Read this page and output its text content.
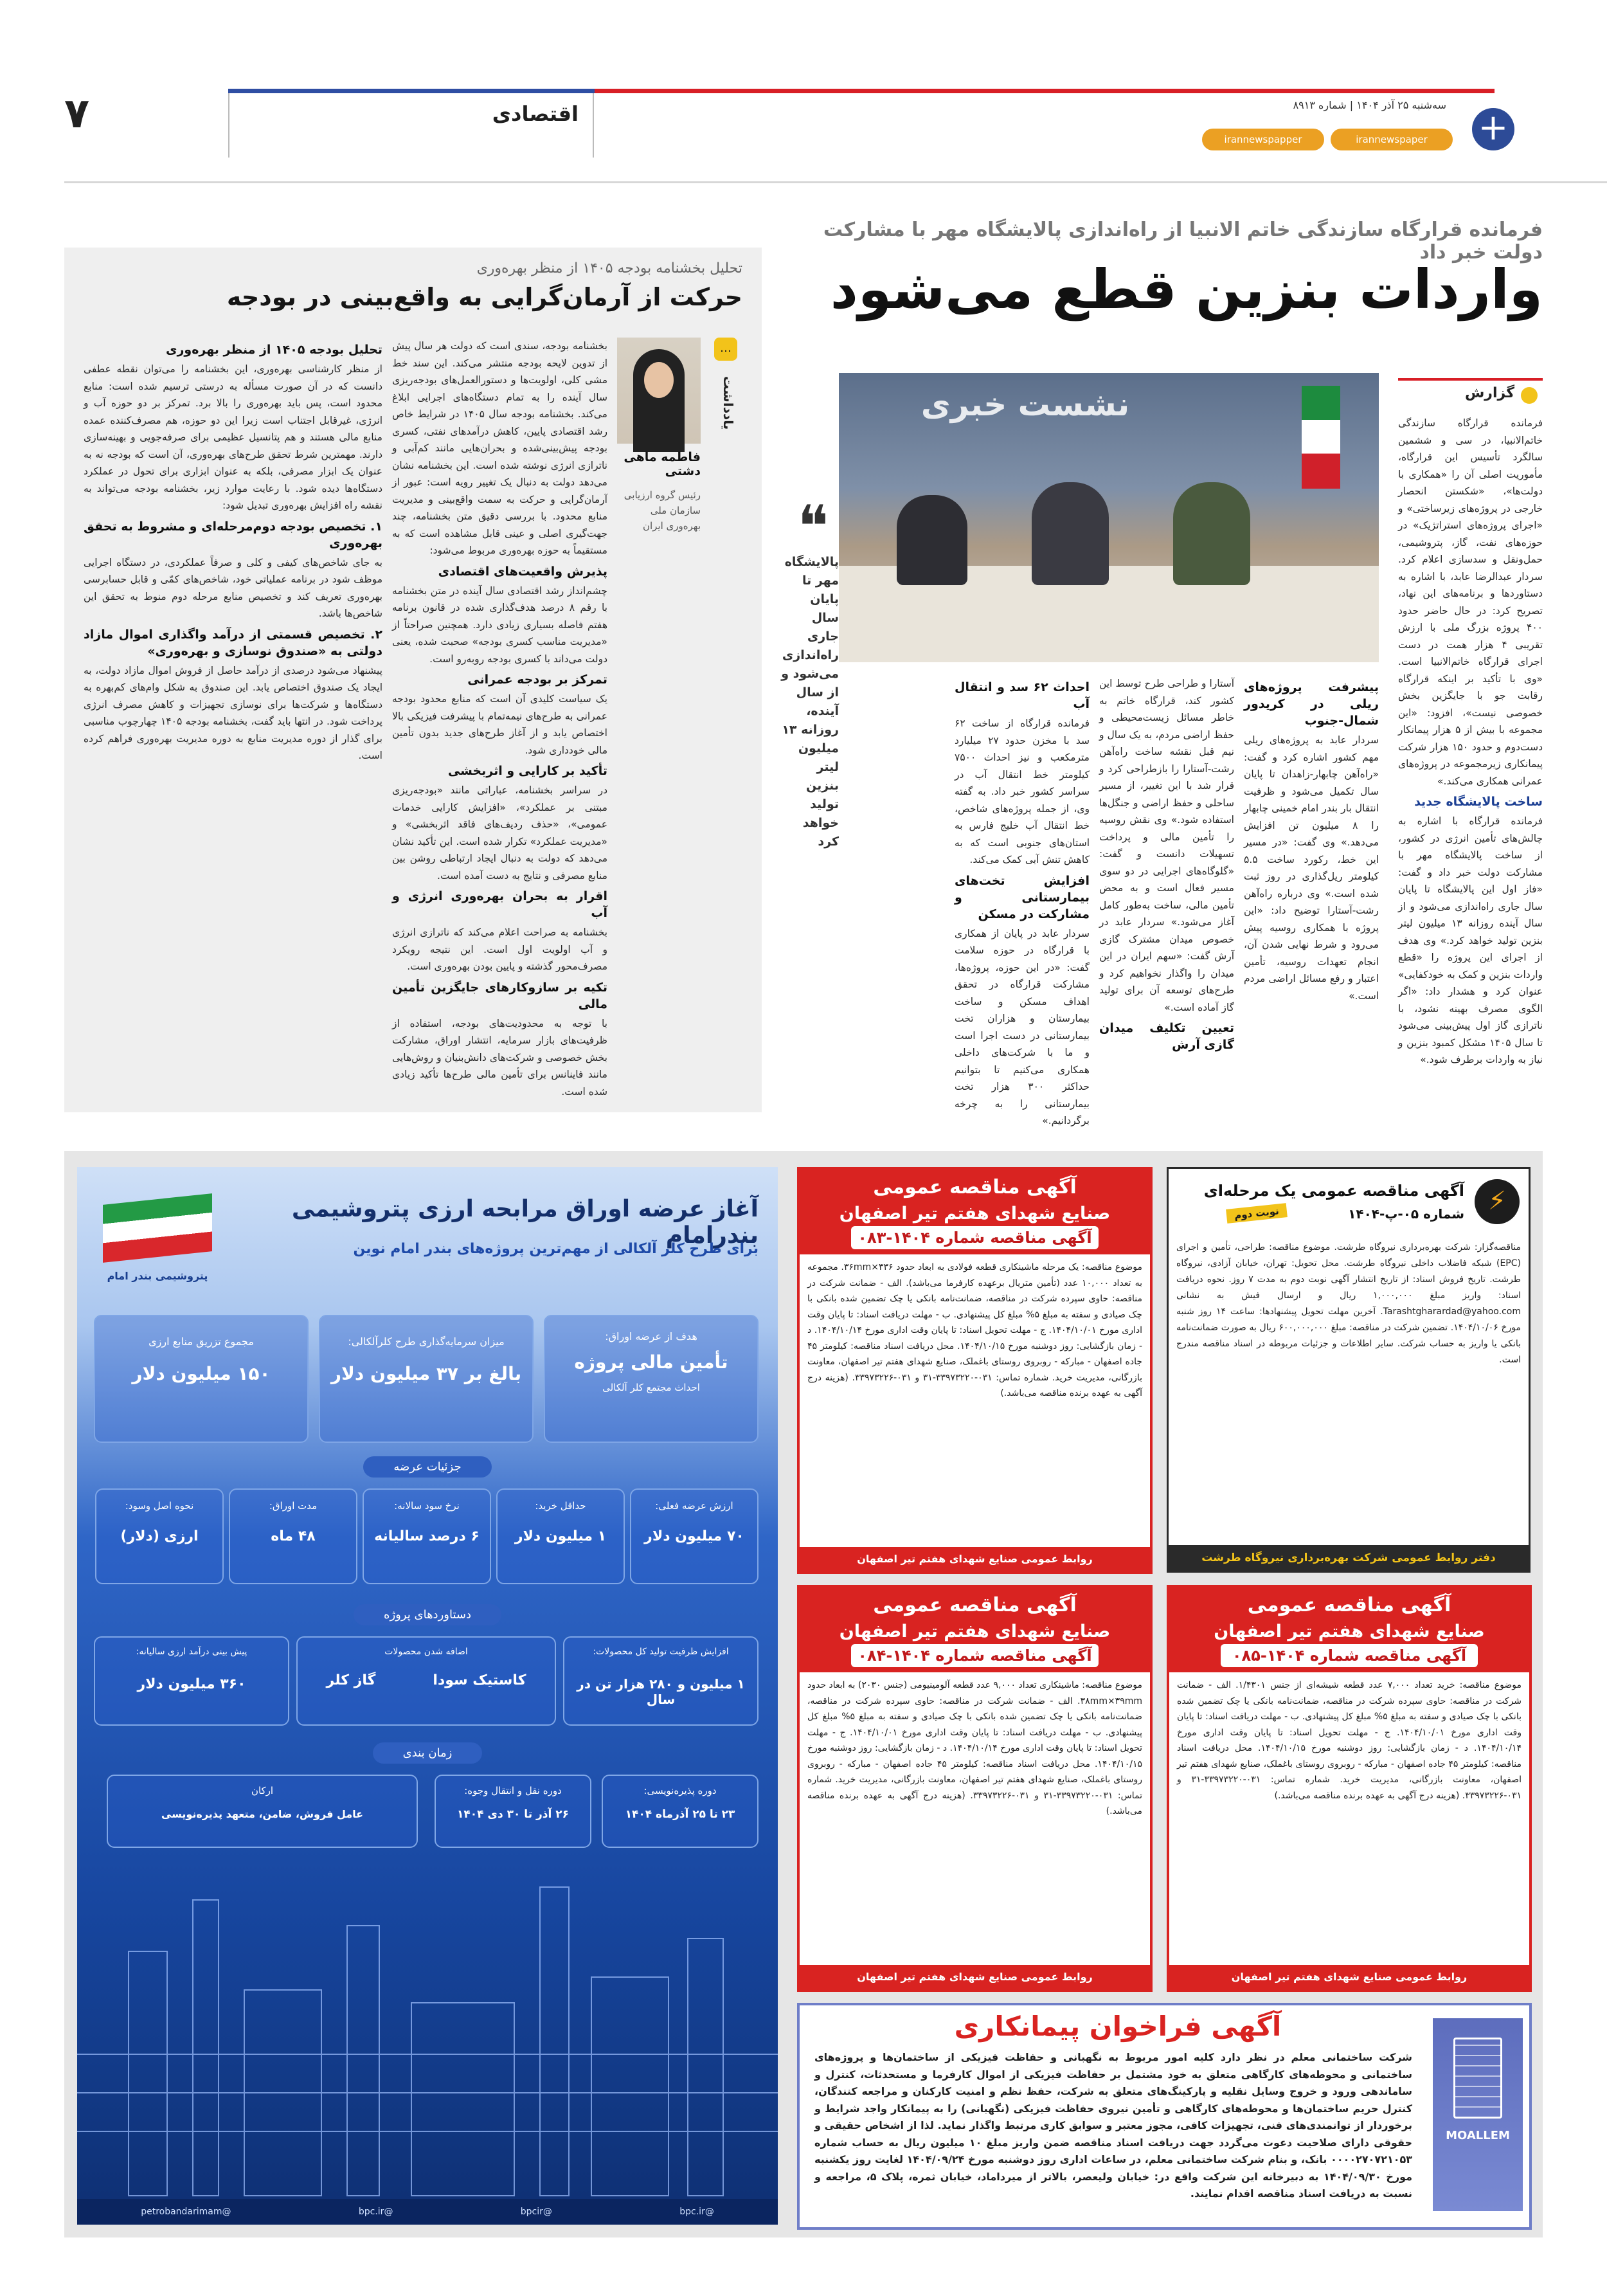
۷	اقتصادی	سه‌شنبه ۲۵ آذر ۱۴۰۴ | شماره ۸۹۱۳
irannewspaper
irannewspapper	+
فرمانده قرارگاه سازندگی خاتم الانبیا از راه‌اندازی پالایشگاه مهر با مشارکت دولت خبر داد
واردات بنزین قطع می‌شود
نشست خبری
❝
پالایشگاه مهر تا پایان سال جاری راه‌اندازی می‌شود و از سال آینده، روزانه ۱۳ میلیون لیتر بنزین تولید خواهد کرد
گزارش

فرمانده قرارگاه سازندگی خاتم‌الانبیا، در سی و ششمین سالگرد تأسیس این قرارگاه، مأموریت اصلی آن را «همکاری با دولت‌ها»، «شکستن انحصار خارجی در پروژه‌های زیرساختی» و «اجرای پروژه‌های استراتژیک» در حوزه‌های نفت، گاز، پتروشیمی، حمل‌ونقل و سدسازی اعلام کرد. سردار عبدالرضا عابد، با اشاره به دستاوردها و برنامه‌های این نهاد، تصریح کرد: در حال حاضر حدود ۴۰۰ پروژه بزرگ ملی با ارزش تقریبی ۴ هزار همت در دست اجرای قرارگاه خاتم‌الانبیا است. «وی با تأکید بر اینکه قرارگاه رقابت جو با جایگزین بخش خصوصی نیست»، افزود: «این مجموعه با بیش از ۵ هزار پیمانکار دست‌دوم و حدود ۱۵۰ هزار شرکت پیمانکاری زیرمجموعه در پروژه‌های عمرانی همکاری می‌کند.»

ساخت پالایشگاه جدید

فرمانده قرارگاه با اشاره به چالش‌های تأمین انرژی در کشور، از ساخت پالایشگاه مهر با مشارکت دولت خبر داد و گفت: «فاز اول این پالایشگاه تا پایان سال جاری راه‌اندازی می‌شود و از سال آینده روزانه ۱۳ میلیون لیتر بنزین تولید خواهد کرد.» وی هدف از اجرای این پروژه را «قطع واردات بنزین و کمک به خودکفایی» عنوان کرد و هشدار داد: «اگر الگوی مصرف بهینه نشود، با ناترازی گاز اول پیش‌بینی می‌شود تا سال ۱۴۰۵ مشکل کمبود بنزین و نیاز به واردات برطرف شود.»

پیشرفت پروژه‌های ریلی در کریدور شمال-جنوب

سردار عابد به پروژه‌های ریلی مهم کشور اشاره کرد و گفت: «راه‌آهن چابهار-زاهدان تا پایان سال تکمیل می‌شود و ظرفیت انتقال بار بندر امام خمینی چابهار را ۸ میلیون تن افزایش می‌دهد.» وی گفت: «در مسیر این خط، رکورد ساخت ۵.۵ کیلومتر ریل‌گذاری در روز ثبت شده است.» وی درباره راه‌آهن رشت-آستارا توضیح داد: «این پروژه با همکاری روسیه پیش می‌رود و شرط نهایی شدن آن، انجام تعهدات روسیه، تأمین اعتبار و رفع مسائل اراضی مردم است.»

آستارا و طراحی طرح توسط این کشور کند، قرارگاه خاتم به خاطر مسائل زیست‌محیطی و حفظ اراضی مردم، به یک سال و نیم قبل نقشه ساخت راه‌آهن رشت-آستارا را بازطراحی کرد و قرار شد با این تغییر، از مسیر ساحلی و حفظ اراضی و جنگل‌ها استفاده شود.» وی نقش روسیه را تأمین مالی و پرداخت تسهیلات دانست و گفت: «گلوگاه‌های اجرایی در دو سوی مسیر فعال است و به محض تأمین مالی، ساخت به‌طور کامل آغاز می‌شود.» سردار عابد در خصوص میدان مشترک گازی آرش گفت: «سهم ایران در این میدان را واگذار نخواهیم کرد و طرح‌های توسعه آن برای تولید گاز آماده است.»

تعیین تکلیف میدان گازی آرش
احداث ۶۲ سد و انتقال آب

فرمانده قرارگاه از ساخت ۶۲ سد با مخزن حدود ۲۷ میلیارد مترمکعب و نیز احداث ۷۵۰۰ کیلومتر خط انتقال آب در سراسر کشور خبر داد. به گفته وی، از جمله پروژه‌های شاخص، خط انتقال آب خلیج فارس به استان‌های جنوبی است که به کاهش تنش آبی کمک می‌کند.

افزایش تخت‌های بیمارستانی و مشارکت در مسکن

سردار عابد در پایان از همکاری با قرارگاه در حوزه سلامت گفت: «در این حوزه، پروژه‌ها، مشارکت قرارگاه در تحقق اهداف مسکن و ساخت بیمارستان و هزاران تخت بیمارستانی در دست اجرا است و ما با شرکت‌های داخلی همکاری می‌کنیم تا بتوانیم حداکثر ۳۰۰ هزار تخت بیمارستانی را به چرخه برگردانیم.»

تحلیل بخشنامه بودجه ۱۴۰۵ از منظر بهره‌وری
حرکت از آرمان‌گرایی به واقع‌بینی در بودجه
…
یادداشت
فاطمه ماهی دشتی
رئیس گروه ارزیابی سازمان ملی بهره‌وری ایران

بخشنامه بودجه، سندی است که دولت هر سال پیش از تدوین لایحه بودجه منتشر می‌کند. این سند خط مشی کلی، اولویت‌ها و دستورالعمل‌های بودجه‌ریزی سال آینده را به تمام دستگاه‌های اجرایی ابلاغ می‌کند. بخشنامه بودجه سال ۱۴۰۵ در شرایط خاص رشد اقتصادی پایین، کاهش درآمدهای نفتی، کسری بودجه پیش‌بینی‌شده و بحران‌هایی مانند کم‌آبی و ناترازی انرژی نوشته شده است. این بخشنامه نشان می‌دهد دولت به دنبال یک تغییر رویه است: عبور از آرمان‌گرایی و حرکت به سمت واقع‌بینی و مدیریت منابع محدود. با بررسی دقیق متن بخشنامه، چند جهت‌گیری اصلی و عینی قابل مشاهده است که به مستقیماً به حوزه بهره‌وری مربوط می‌شود:

پذیرش واقعیت‌های اقتصادی

چشم‌انداز رشد اقتصادی سال آینده در متن بخشنامه با رقم ۸ درصد هدف‌گذاری شده در قانون برنامه هفتم فاصله بسیاری زیادی دارد. همچنین صراحتاً از «مدیریت مناسب کسری بودجه» صحبت شده، یعنی دولت می‌داند با کسری بودجه روبه‌رو است.

تمرکز بر بودجه عمرانی

یک سیاست کلیدی آن است که منابع محدود بودجه عمرانی به طرح‌های نیمه‌تمام با پیشرفت فیزیکی بالا اختصاص یابد و از آغاز طرح‌های جدید بدون تأمین مالی خودداری شود.

تأکید بر کارایی و اثربخشی

در سراسر بخشنامه، عباراتی مانند «بودجه‌ریزی مبتنی بر عملکرد»، «افزایش کارایی خدمات عمومی»، «حذف ردیف‌های فاقد اثربخشی» و «مدیریت عملکرد» تکرار شده است. این تأکید نشان می‌دهد که دولت به دنبال ایجاد ارتباطی روشن بین منابع مصرفی و نتایج به دست آمده است.

اقرار به بحران بهره‌وری انرژی و آب

بخشنامه به صراحت اعلام می‌کند که ناترازی انرژی و آب اولویت اول است. این نتیجه رویکرد مصرف‌محور گذشته و پایین بودن بهره‌وری است.

تکیه بر سازوکارهای جایگزین تأمین مالی

با توجه به محدودیت‌های بودجه، استفاده از ظرفیت‌های بازار سرمایه، انتشار اوراق، مشارکت بخش خصوصی و شرکت‌های دانش‌بنیان و روش‌هایی مانند فاینانس برای تأمین مالی طرح‌ها تأکید زیادی شده است.

تحلیل بودجه ۱۴۰۵ از منظر بهره‌وری

از منظر کارشناسی بهره‌وری، این بخشنامه را می‌توان نقطه عطفی دانست که در آن صورت مسأله به درستی ترسیم شده است: منابع محدود است، پس باید بهره‌وری را بالا برد. تمرکز بر دو حوزه آب و انرژی، غیرقابل اجتناب است زیرا این دو حوزه، هم مصرف‌کننده عمده منابع مالی هستند و هم پتانسیل عظیمی برای صرفه‌جویی و بهینه‌سازی دارند. مهمترین شرط تحقق طرح‌های بهره‌وری، آن است که بودجه نه به عنوان یک ابزار مصرفی، بلکه به عنوان ابزاری برای تحول در عملکرد دستگاه‌ها دیده شود. با رعایت موارد زیر، بخشنامه بودجه می‌تواند به نقشه راه افزایش بهره‌وری تبدیل شود:

۱. تخصیص بودجه دوم‌مرحله‌ای و مشروط به تحقق بهره‌وری

به جای شاخص‌های کیفی و کلی و صرفاً عملکردی، در دستگاه اجرایی موظف شود در برنامه عملیاتی خود، شاخص‌های کمّی و قابل حسابرسی بهره‌وری تعریف کند و تخصیص منابع مرحله دوم منوط به تحقق این شاخص‌ها باشد.

۲. تخصیص قسمتی از درآمد واگذاری اموال مازاد دولتی به «صندوق نوسازی و بهره‌وری»

پیشنهاد می‌شود درصدی از درآمد حاصل از فروش اموال مازاد دولت، به ایجاد یک صندوق اختصاص یابد. این صندوق به شکل وام‌های کم‌بهره به دستگاه‌ها و شرکت‌ها برای نوسازی تجهیزات و کاهش مصرف انرژی پرداخت شود. در انتها باید گفت، بخشنامه بودجه ۱۴۰۵ چهارچوب مناسبی برای گذار از دوره مدیریت منابع به دوره مدیریت بهره‌وری فراهم کرده است.

⚡
آگهی مناقصه عمومی یک مرحله‌ای
شماره ۰۵-پ-۱۴۰۴
نوبت دوم
مناقصه‌گزار: شرکت بهره‌برداری نیروگاه طرشت. موضوع مناقصه: طراحی، تأمین و اجرای (EPC) شبکه فاضلاب داخلی نیروگاه طرشت. محل تحویل: تهران، خیابان آزادی، نیروگاه طرشت. تاریخ فروش اسناد: از تاریخ انتشار آگهی نوبت دوم به مدت ۷ روز. نحوه دریافت اسناد: واریز مبلغ ۱,۰۰۰,۰۰۰ ریال و ارسال فیش به نشانی Tarashtgharardad@yahoo.com. آخرین مهلت تحویل پیشنهادها: ساعت ۱۴ روز شنبه مورخ ۱۴۰۴/۱۰/۰۶. تضمین شرکت در مناقصه: مبلغ ۶۰۰,۰۰۰,۰۰۰ ریال به صورت ضمانت‌نامه بانکی یا واریز به حساب شرکت. سایر اطلاعات و جزئیات مربوطه در اسناد مناقصه مندرج است.
دفتر روابط عمومی شرکت بهره‌برداری نیروگاه طرشت
آگهی مناقصه عمومی
صنایع شهدای هفتم تیر اصفهان
آگهی مناقصه شماره ۱۴۰۴-۰۸۳
موضوع مناقصه: یک مرحله ماشینکاری قطعه فولادی به ابعاد حدود ۳۳۶×۳۶mm. مجموعه به تعداد ۱۰,۰۰۰ عدد (تأمین متریال برعهده کارفرما می‌باشد). الف - ضمانت شرکت در مناقصه: حاوی سپرده شرکت در مناقصه، ضمانت‌نامه بانکی یا چک تضمین شده بانکی با چک صیادی و سفته به مبلغ ۵% مبلغ کل پیشنهادی. ب - مهلت دریافت اسناد: تا پایان وقت اداری مورخ ۱۴۰۴/۱۰/۰۱. ج - مهلت تحویل اسناد: تا پایان وقت اداری مورخ ۱۴۰۴/۱۰/۱۴. د - زمان بازگشایی: روز دوشنبه مورخ ۱۴۰۴/۱۰/۱۵. محل دریافت اسناد مناقصه: کیلومتر ۴۵ جاده اصفهان - مبارکه - روبروی روستای باغملک، صنایع شهدای هفتم تیر اصفهان، معاونت بازرگانی، مدیریت خرید. شماره تماس: ۰۳۱-۳۳۹۷۳۲۲۰-۳۱ و ۰۳۱-۳۳۹۷۳۲۲۶. (هزینه درج آگهی به عهده برنده مناقصه می‌باشد.)
روابط عمومی صنایع شهدای هفتم تیر اصفهان
آگهی مناقصه عمومی
صنایع شهدای هفتم تیر اصفهان
آگهی مناقصه شماره ۱۴۰۴-۰۸۵
موضوع مناقصه: خرید تعداد ۷,۰۰۰ عدد قطعه شیشه‌ای از جنس ۱/۴۳۰۱. الف - ضمانت شرکت در مناقصه: حاوی سپرده شرکت در مناقصه، ضمانت‌نامه بانکی یا چک تضمین شده بانکی با چک صیادی و سفته به مبلغ ۵% مبلغ کل پیشنهادی. ب - مهلت دریافت اسناد: تا پایان وقت اداری مورخ ۱۴۰۴/۱۰/۰۱. ج - مهلت تحویل اسناد: تا پایان وقت اداری مورخ ۱۴۰۴/۱۰/۱۴. د - زمان بازگشایی: روز دوشنبه مورخ ۱۴۰۴/۱۰/۱۵. محل دریافت اسناد مناقصه: کیلومتر ۴۵ جاده اصفهان - مبارکه - روبروی روستای باغملک، صنایع شهدای هفتم تیر اصفهان، معاونت بازرگانی، مدیریت خرید. شماره تماس: ۰۳۱-۳۳۹۷۳۲۲۰-۳۱ و ۰۳۱-۳۳۹۷۳۲۲۶. (هزینه درج آگهی به عهده برنده مناقصه می‌باشد.)
روابط عمومی صنایع شهدای هفتم تیر اصفهان
آگهی مناقصه عمومی
صنایع شهدای هفتم تیر اصفهان
آگهی مناقصه شماره ۱۴۰۴-۰۸۴
موضوع مناقصه: ماشینکاری تعداد ۹,۰۰۰ عدد قطعه آلومینیومی (جنس ۲۰۳۰) به ابعاد حدود ۳۸mm×۳۹mm. الف - ضمانت شرکت در مناقصه: حاوی سپرده شرکت در مناقصه، ضمانت‌نامه بانکی یا چک تضمین شده بانکی با چک صیادی و سفته به مبلغ ۵% مبلغ کل پیشنهادی. ب - مهلت دریافت اسناد: تا پایان وقت اداری مورخ ۱۴۰۴/۱۰/۰۱. ج - مهلت تحویل اسناد: تا پایان وقت اداری مورخ ۱۴۰۴/۱۰/۱۴. د - زمان بازگشایی: روز دوشنبه مورخ ۱۴۰۴/۱۰/۱۵. محل دریافت اسناد مناقصه: کیلومتر ۴۵ جاده اصفهان - مبارکه - روبروی روستای باغملک، صنایع شهدای هفتم تیر اصفهان، معاونت بازرگانی، مدیریت خرید. شماره تماس: ۰۳۱-۳۳۹۷۳۲۲۰-۳۱ و ۰۳۱-۳۳۹۷۳۲۲۶. (هزینه درج آگهی به عهده برنده مناقصه می‌باشد.)
روابط عمومی صنایع شهدای هفتم تیر اصفهان
MOALLEM
آگهی فراخوان پیمانکاری
شرکت ساختمانی معلم در نظر دارد کلیه امور مربوط به نگهبانی و حفاظت فیزیکی از ساختمان‌ها و پروژه‌های ساختمانی و محوطه‌های کارگاهی متعلق به خود مشتمل بر حفاظت فیزیکی از اموال کارفرما و مستحدثات، کنترل و ساماندهی ورود و خروج وسایل نقلیه و پارکینگ‌های متعلق به شرکت، حفظ نظم و امنیت کارکنان و مراجعه کنندگان، کنترل حریم ساختمان‌ها و محوطه‌های کارگاهی و تأمین نیروی حفاظت فیزیکی (نگهبانی) را به پیمانکار واجد شرایط و برخوردار از توانمندی‌های فنی، تجهیزات کافی، مجوز معتبر و سوابق کاری مرتبط واگذار نماید. لذا از اشخاص حقیقی و حقوقی دارای صلاحیت دعوت می‌گردد جهت دریافت اسناد مناقصه ضمن واریز مبلغ ۱۰ میلیون ریال به حساب شماره ۰۰۰۰۲۷۰۷۲۱۰۵۳ بانک، و بنام شرکت ساختمانی معلم، در ساعات اداری روز دوشنبه مورخ ۱۴۰۴/۰۹/۲۴ لغایت روز یکشنبه مورخ ۱۴۰۴/۰۹/۳۰ به دبیرخانه این شرکت واقع در: خیابان ولیعصر، بالاتر از میرداماد، خیابان ثمره، پلاک ۵، مراجعه و نسبت به دریافت اسناد مناقصه اقدام نمایند.
پتروشیمی بندر امام
آغاز عرضه اوراق مرابحه ارزی پتروشیمی بندرامام
برای طرح کلر آلکالی از مهم‌ترین پروژه‌های بندر امام نوین
هدف از عرضه اوراق:
تأمین مالی پروژه
احداث مجتمع کلر آلکالی
میزان سرمایه‌گذاری طرح کلرآلکالی:
بالغ بر ۳۷ میلیون دلار
مجموع تزریق منابع ارزی
۱۵۰ میلیون دلار
جزئیات عرضه
ارزش عرضه فعلی:
۷۰ میلیون دلار
حداقل خرید:
۱ میلیون دلار
نرخ سود سالانه:
۶ درصد سالیانه
مدت اوراق:
۴۸ ماه
نحوه اصل وسود:
ارزی (دلار)
دستاوردهای پروژه
افزایش ظرفیت تولید کل محصولات:
۱ میلیون و ۲۸۰ هزار تن در سال
اضافه شدن محصولات
کاستیک سودا
گاز کلر
پیش بینی درآمد ارزی سالیانه:
۳۶۰ میلیون دلار
زمان بندی
دوره پذیره‌نویسی:
۲۳ تا ۲۵ آذرماه ۱۴۰۴
دوره نقل و انتقال وجوه:
۲۶ آذر تا ۳۰ دی ۱۴۰۴
ارکان
عامل فروش، ضامن، متعهد پذیره‌نویسی
@bpc.ir
@bpcir
@bpc.ir
@petrobandarimam
